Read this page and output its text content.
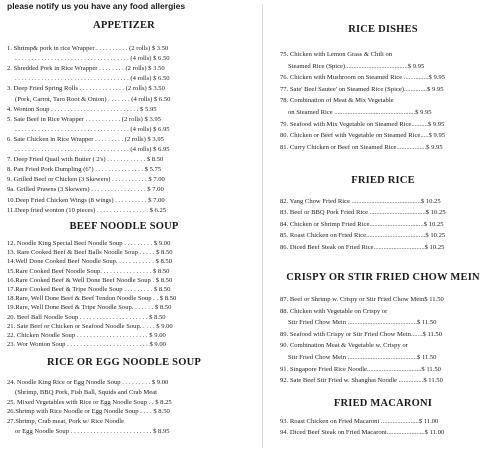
please notify us you have any food allergies
APPETIZER
1. Shrimp& pork in rice Wrapper . . . . . . . . . . (2 rolls) $ 3.50
. . . . . . . . . . . . . . . . . . . . . . . . . . . . . . . . . . . (4 rolls) $ 6.50
2. Shredded Pork in Rice Wrapper . . . . . . . . (2 rolls) $ 3.50
. . . . . . . . . . . . . . . . . . . . . . . . . . . . . . . . . . . (4 rolls) $ 6.50
3. Deep Fried Spring Rolls . . . . . . . . . . . . . . (2 rolls) $ 3.50
(Pork, Carrot, Taro Root & Onion) . . . . . . . (4 rolls) $ 6.50
4. Wonton Soup . . . . . . . . . . . . . . . . . . . . . . . . . . . $ 5.95
5. Sate Beef in Rice Wrapper . . . . . . . . . . . (2 rolls) $ 3.95
. . . . . . . . . . . . . . . . . . . . . . . . . . . . . . . . . . . (4 rolls) $ 6.95
6. Sate Chicken in Rice Wrapper . . . . . . . . . (2 rolls) $ 3.95
. . . . . . . . . . . . . . . . . . . . . . . . . . . . . . . . . . . (4 rolls) $ 6.95
7. Deep Fried Quail with Butter ( 2's) . . . . . . . . . . . . $ 8.50
8. Pan Fried Pork Dumpling (6") . . . . . . . . . . . . . . . $ 5.75
9. Grilled Beef or Chicken (3 Skewers) . . . . . . . . . . . $ 7.00
9a. Grilled Prawns (3 Skewers) . . . . . . . . . . . . . . . . . $ 7.00
10.Deep Fried Chicken Wings (8 wings) . . . . . . . . . . $ 7.00
11.Deep fried wonton (10 pieces) . . . . . . . . . . . . . . . . $ 6.25
BEEF NOODLE SOUP
12. Noodle King Special Beef Noodle Soup . . . . . . . . . $ 9.00
13. Rare Cooked Beef & Beef Balls Noodle Soup . . . . . $ 8.50
14.Well Done Cooked Beef Noodle Soup. . . . . . . . . . . . $ 8.50
15.Rare Cooked Beef Noodle Soup. . . . . . . . . . . . . . . . $ 8.50
16.Rare Cooked Beef & Well Done Beef Noodle Soup . $ 8.50
17.Rare Cooked Beef & Tripe Noodle Soup . . . . . . . . . $ 8.50
18.Rare, Well Done Beef & Beef Tendon Noodle Soup . . $ 8.50
19.Rare, Well Done Beef & Tripe Noodle Soup. . . . . . . $ 8.50
20. Beef Ball Noodle Soup . . . . . . . . . . . . . . . . . . . . . $ 8.50
21. Sate Beef or Chicken or Seafood Noodle Soup. . . . . $ 9.00
22. Chicken Noodle Soup . . . . . . . . . . . . . . . . . . . . . . $ 9.00
23. Wor Wonton Soup . . . . . . . . . . . . . . . . . . . . . . . . . $ 9.00
RICE OR EGG NOODLE SOUP
24. Noodle King Rice or Egg Noodle Soup . . . . . . . . . $ 9.00
(Shrimp, BBQ Pork, Fish Ball, Squids and Crab Meat
25. Mixed Vegetables with Rice or Egg Noodle Soup . . $ 8.25
26.Shrimp with Rice Noodle or Egg Noodle Soup . . . . $ 8.50
27.Shrimp, Crab meat, Pork w/ Rice Noodle
or Egg Noodle Soup . . . . . . . . . . . . . . . . . . . . . . . . . $ 8.95
RICE DISHES
75. Chicken with Lemon Grass & Chili on
Steamed Rice (Spice)......................................$ 9.95
76. Chicken with Mushroom on Steamed Rice ...............$ 9.95
77. Sate' Beef Sautee' on Steamed Rice (Spice)..............$ 9.95
78. Combination of Meat & Mix Vegetable
on Steamed Rice .................................................$ 9.95
79. Seafood with Mix Vegetable on Steamed Rice..........$ 9.95
80. Chicken or Beef with Vegetable on Steamed Rice.....$ 9.95
81. Curry Chicken or Beef on Steamed Rice..................$ 9.95
FRIED RICE
82. Yang Chow Fried Rice ..........................................$ 10.25
83. Beef or BBQ Pork Fried Rice ..................................$ 10.25
84. Chicken or Shrimp Fried Rice.................................$ 10.25
85. Roast Chicken on Fried Rice....................................$ 10.25
86. Diced Beef Steak on Fried Rice...............................$ 10.25
CRISPY OR STIR FRIED CHOW MEIN
87. Beef or Shrimp w. Crispy or Stir Fried Chow Mein$ 11.50
88. Chicken with Vegetable on Crispy or
Stir Fried Chow Mein ..........................................$ 11.50
89. Seafood with Crispy or Stir Fried Chow Mein.......$ 11.50
90. Combination Meat & Vegetable w. Crispy or
Stir Fried Chow Mein ..........................................$ 11.50
91. Singapore Fried Rice Noodle.................................$ 11.50
92. Sate Beef Stir Fried w. Shanghai Noodle ...............$ 11.50
FRIED MACARONI
93. Roast Chicken on Fried Macaroni .......................$ 11.00
94. Diced Beef Steak on Fried Macaroni.......................$ 11.00
